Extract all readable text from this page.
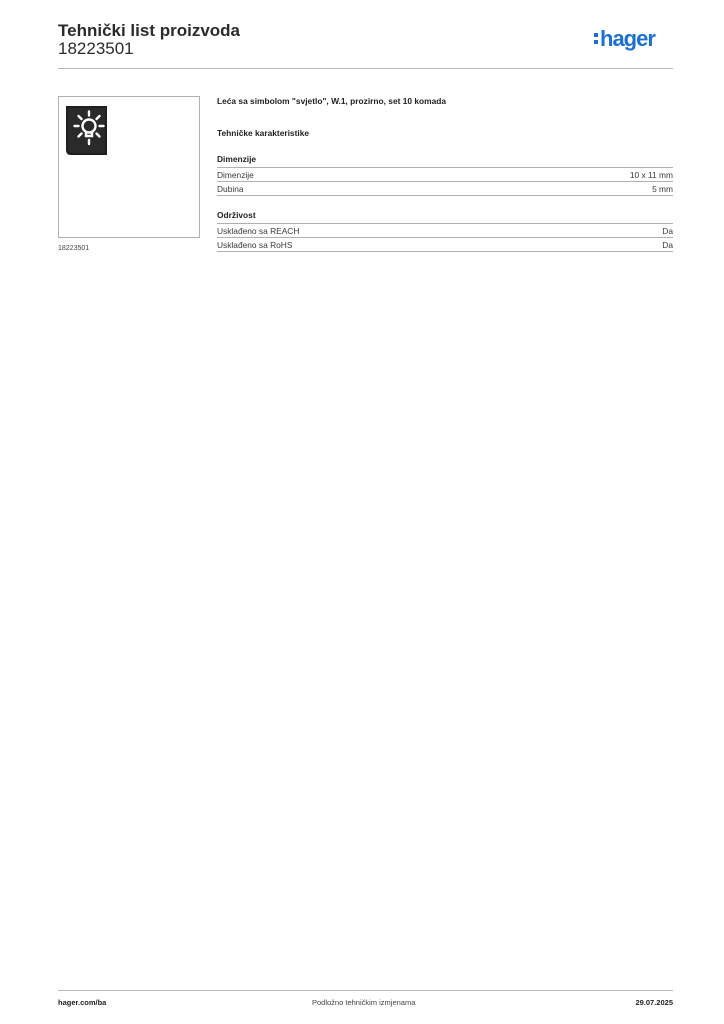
Tehnički list proizvoda
18223501	hager
18223501
Leća sa simbolom "svjetlo", W.1, prozirno, set 10 komada
Tehničke karakteristike
Dimenzije
Dimenzije	10 x 11 mm
Dubina	5 mm
Održivost
Usklađeno sa REACH	Da
Usklađeno sa RoHS	Da
hager.com/ba	Podložno tehničkim izmjenama	29.07.2025
